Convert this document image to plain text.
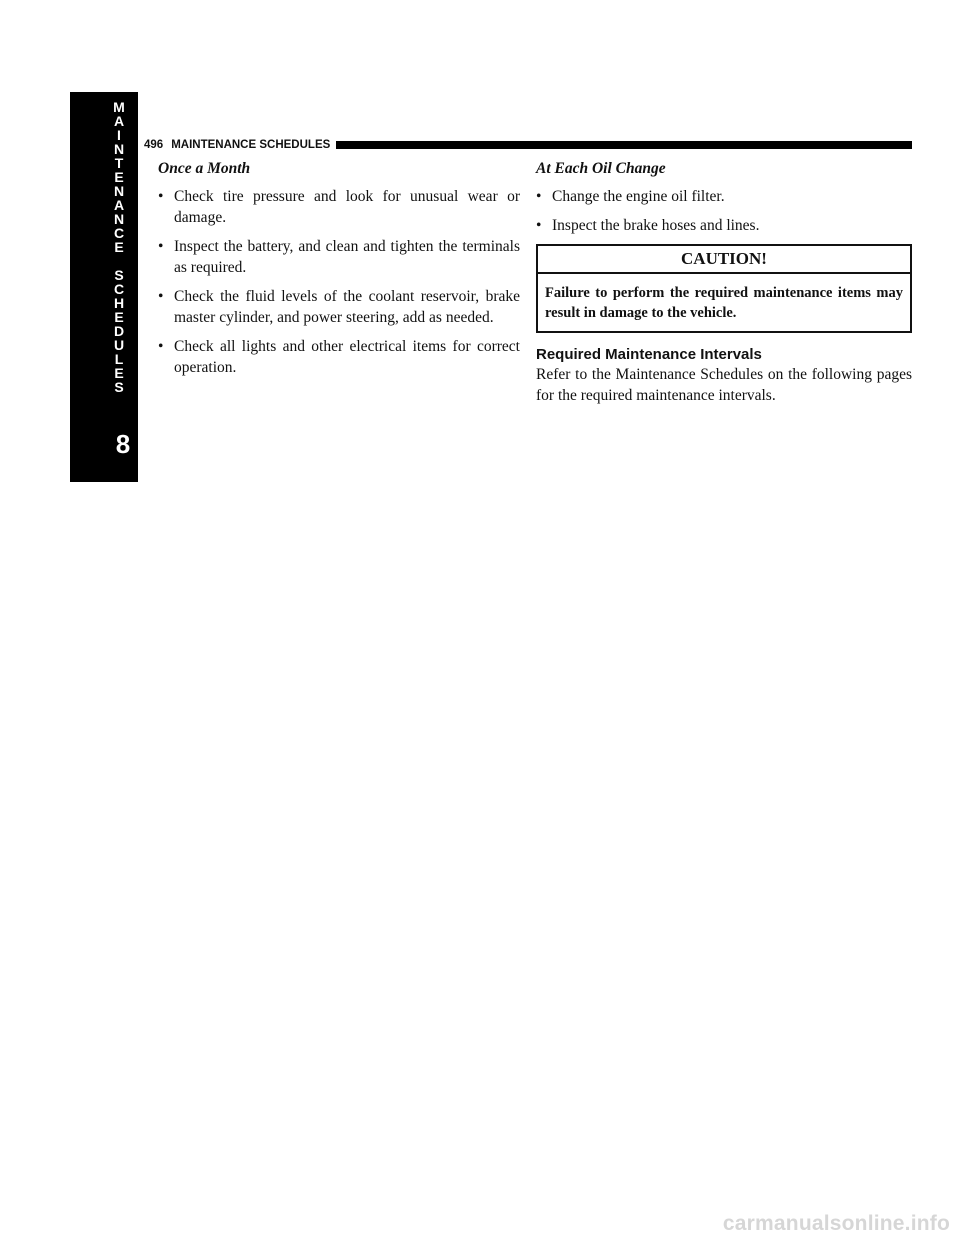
M
A
I
N
T
E
N
A
N
C
E
S
C
H
E
D
U
L
E
S
8
496 MAINTENANCE SCHEDULES

Once a Month

• Check tire pressure and look for unusual wear or damage.
• Inspect the battery, and clean and tighten the terminals as required.
• Check the fluid levels of the coolant reservoir, brake master cylinder, and power steering, add as needed.
• Check all lights and other electrical items for correct operation.

At Each Oil Change

• Change the engine oil filter.
• Inspect the brake hoses and lines.
CAUTION!
Failure to perform the required maintenance items may result in damage to the vehicle.

Required Maintenance Intervals

Refer to the Maintenance Schedules on the following pages for the required maintenance intervals.

carmanualsonline.info
